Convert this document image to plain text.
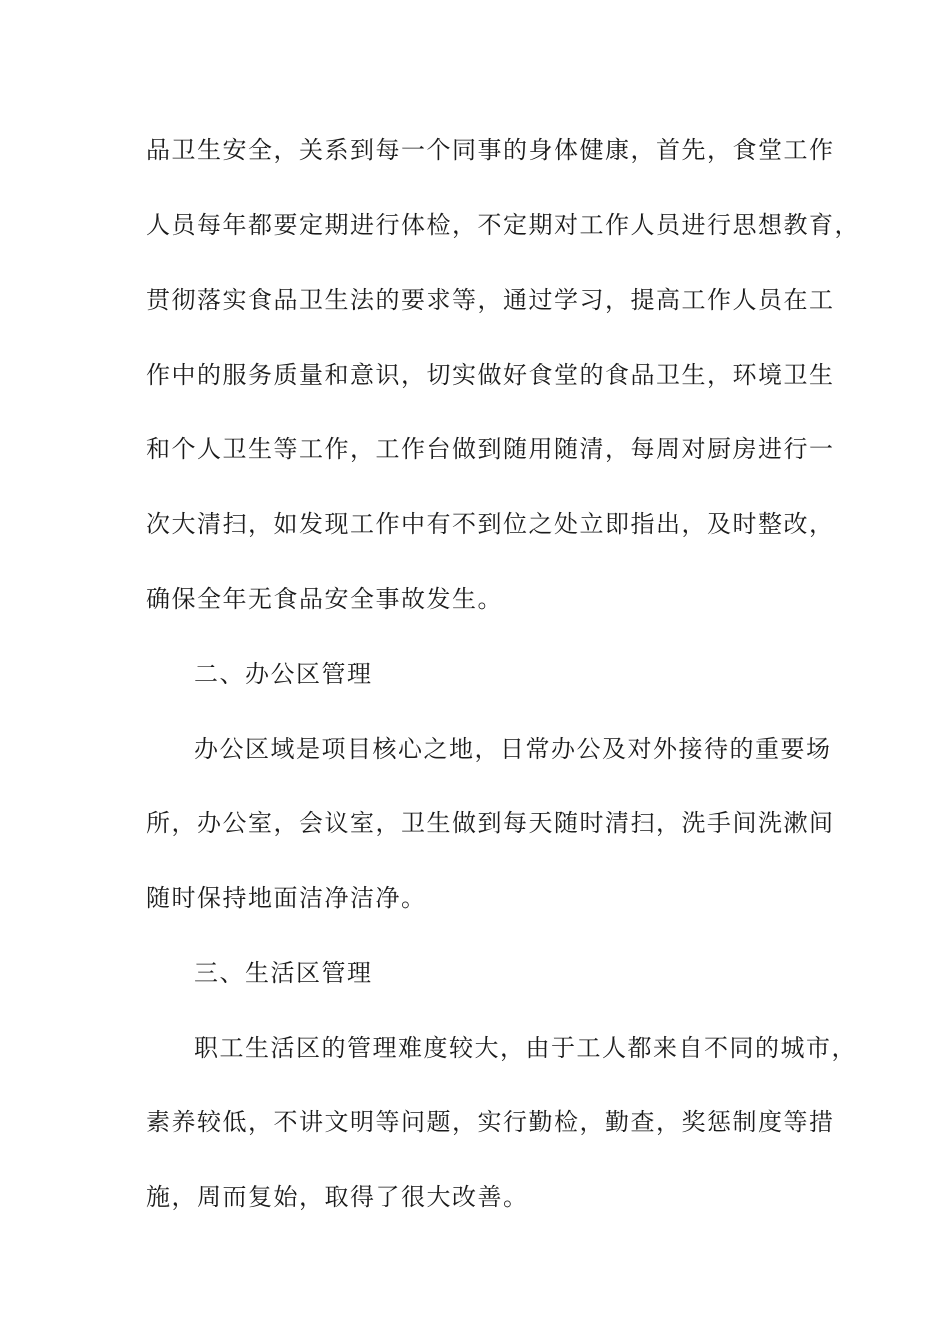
品卫生安全，关系到每一个同事的身体健康，首先，食堂工作
人员每年都要定期进行体检，不定期对工作人员进行思想教育，
贯彻落实食品卫生法的要求等，通过学习，提高工作人员在工
作中的服务质量和意识，切实做好食堂的食品卫生，环境卫生
和个人卫生等工作，工作台做到随用随清，每周对厨房进行一
次大清扫，如发现工作中有不到位之处立即指出，及时整改，
确保全年无食品安全事故发生。
二、办公区管理
办公区域是项目核心之地，日常办公及对外接待的重要场
所，办公室，会议室，卫生做到每天随时清扫，洗手间洗漱间
随时保持地面洁净洁净。
三、生活区管理
职工生活区的管理难度较大，由于工人都来自不同的城市，
素养较低，不讲文明等问题，实行勤检，勤查，奖惩制度等措
施，周而复始，取得了很大改善。
